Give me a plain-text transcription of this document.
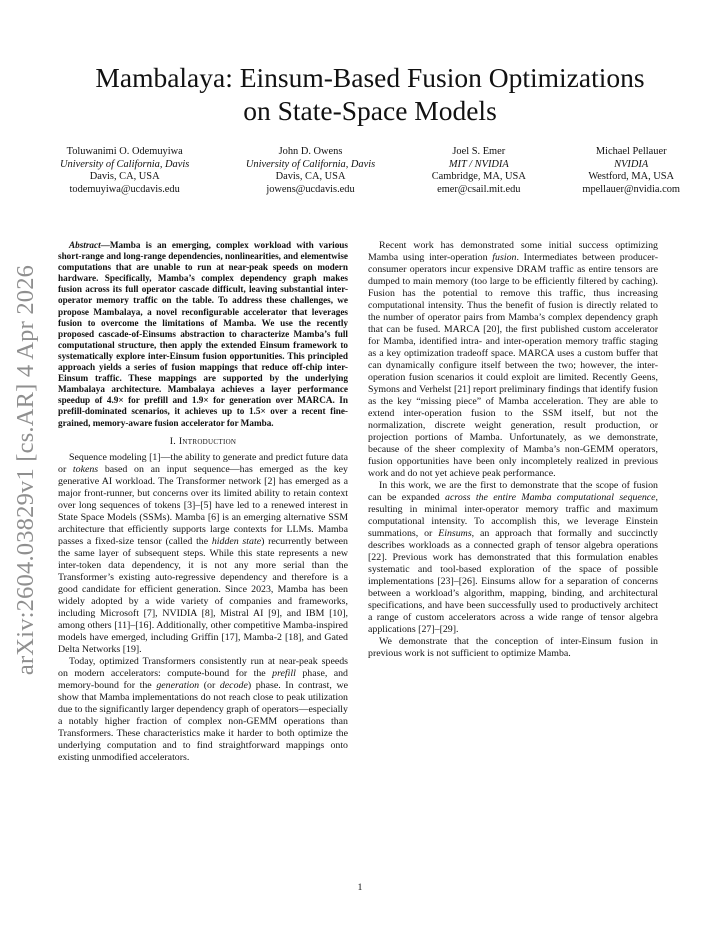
arXiv:2604.03829v1 [cs.AR] 4 Apr 2026
Mambalaya: Einsum-Based Fusion Optimizations
on State-Space Models
Toluwanimi O. Odemuyiwa
University of California, Davis
Davis, CA, USA
todemuyiwa@ucdavis.edu
John D. Owens
University of California, Davis
Davis, CA, USA
jowens@ucdavis.edu
Joel S. Emer
MIT / NVIDIA
Cambridge, MA, USA
emer@csail.mit.edu
Michael Pellauer
NVIDIA
Westford, MA, USA
mpellauer@nvidia.com

Abstract—Mamba is an emerging, complex workload with various short-range and long-range dependencies, nonlinearities, and elementwise computations that are unable to run at near-peak speeds on modern hardware. Specifically, Mamba’s complex dependency graph makes fusion across its full operator cascade difficult, leaving substantial inter-operator memory traffic on the table. To address these challenges, we propose Mambalaya, a novel reconfigurable accelerator that leverages fusion to overcome the limitations of Mamba. We use the recently proposed cascade-of-Einsums abstraction to characterize Mamba’s full computational structure, then apply the extended Einsum framework to systematically explore inter-Einsum fusion opportunities. This principled approach yields a series of fusion mappings that reduce off-chip inter-Einsum traffic. These mappings are supported by the underlying Mambalaya architecture. Mambalaya achieves a layer performance speedup of 4.9× for prefill and 1.9× for generation over MARCA. In prefill-dominated scenarios, it achieves up to 1.5× over a recent fine-grained, memory-aware fusion accelerator for Mamba.

I. Introduction

Sequence modeling [1]—the ability to generate and predict future data or tokens based on an input sequence—has emerged as the key generative AI workload. The Transformer network [2] has emerged as a major front-runner, but concerns over its limited ability to retain context over long sequences of tokens [3]–[5] have led to a renewed interest in State Space Models (SSMs). Mamba [6] is an emerging alternative SSM architecture that efficiently supports large contexts for LLMs. Mamba passes a fixed-size tensor (called the hidden state) recurrently between the same layer of subsequent steps. While this state represents a new inter-token data dependency, it is not any more serial than the Transformer’s existing auto-regressive dependency and therefore is a good candidate for efficient generation. Since 2023, Mamba has been widely adopted by a wide variety of companies and frameworks, including Microsoft [7], NVIDIA [8], Mistral AI [9], and IBM [10], among others [11]–[16]. Additionally, other competitive Mamba-inspired models have emerged, including Griffin [17], Mamba-2 [18], and Gated Delta Networks [19].

Today, optimized Transformers consistently run at near-peak speeds on modern accelerators: compute-bound for the prefill phase, and memory-bound for the generation (or decode) phase. In contrast, we show that Mamba implementations do not reach close to peak utilization due to the significantly larger dependency graph of operators—especially a notably higher fraction of complex non-GEMM operations than Transformers. These characteristics make it harder to both optimize the underlying computation and to find straightforward mappings onto existing unmodified accelerators.

Recent work has demonstrated some initial success optimizing Mamba using inter-operation fusion. Intermediates between producer-consumer operators incur expensive DRAM traffic as entire tensors are dumped to main memory (too large to be efficiently filtered by caching). Fusion has the potential to remove this traffic, thus increasing computational intensity. Thus the benefit of fusion is directly related to the number of operator pairs from Mamba’s complex dependency graph that can be fused. MARCA [20], the first published custom accelerator for Mamba, identified intra- and inter-operation memory traffic staging as a key optimization tradeoff space. MARCA uses a custom buffer that can dynamically configure itself between the two; however, the inter-operation fusion scenarios it could exploit are limited. Recently Geens, Symons and Verhelst [21] report preliminary findings that identify fusion as the key “missing piece” of Mamba acceleration. They are able to extend inter-operation fusion to the SSM itself, but not the normalization, discrete weight generation, result production, or projection portions of Mamba. Unfortunately, as we demonstrate, because of the sheer complexity of Mamba’s non-GEMM operators, fusion opportunities have been only incompletely realized in previous work and do not yet achieve peak performance.

In this work, we are the first to demonstrate that the scope of fusion can be expanded across the entire Mamba computational sequence, resulting in minimal inter-operator memory traffic and maximum computational intensity. To accomplish this, we leverage Einstein summations, or Einsums, an approach that formally and succinctly describes workloads as a connected graph of tensor algebra operations [22]. Previous work has demonstrated that this formulation enables systematic and tool-based exploration of the space of possible implementations [23]–[26]. Einsums allow for a separation of concerns between a workload’s algorithm, mapping, binding, and architectural specifications, and have been successfully used to productively architect a range of custom accelerators across a wide range of tensor algebra applications [27]–[29].

We demonstrate that the conception of inter-Einsum fusion in previous work is not sufficient to optimize Mamba.

1
